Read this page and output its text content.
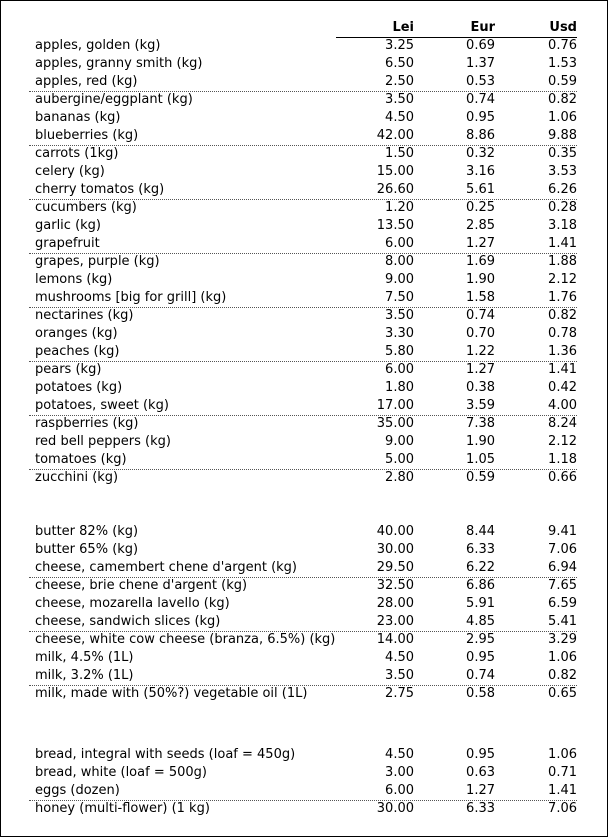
Lei	Eur	Usd
apples, golden (kg)	3.25	0.69	0.76
apples, granny smith (kg)	6.50	1.37	1.53
apples, red (kg)	2.50	0.53	0.59
aubergine/eggplant (kg)	3.50	0.74	0.82
bananas (kg)	4.50	0.95	1.06
blueberries (kg)	42.00	8.86	9.88
carrots (1kg)	1.50	0.32	0.35
celery (kg)	15.00	3.16	3.53
cherry tomatos (kg)	26.60	5.61	6.26
cucumbers (kg)	1.20	0.25	0.28
garlic (kg)	13.50	2.85	3.18
grapefruit	6.00	1.27	1.41
grapes, purple (kg)	8.00	1.69	1.88
lemons (kg)	9.00	1.90	2.12
mushrooms [big for grill] (kg)	7.50	1.58	1.76
nectarines (kg)	3.50	0.74	0.82
oranges (kg)	3.30	0.70	0.78
peaches (kg)	5.80	1.22	1.36
pears (kg)	6.00	1.27	1.41
potatoes (kg)	1.80	0.38	0.42
potatoes, sweet (kg)	17.00	3.59	4.00
raspberries (kg)	35.00	7.38	8.24
red bell peppers (kg)	9.00	1.90	2.12
tomatoes (kg)	5.00	1.05	1.18
zucchini (kg)	2.80	0.59	0.66
butter 82% (kg)	40.00	8.44	9.41
butter 65% (kg)	30.00	6.33	7.06
cheese, camembert chene d'argent (kg)	29.50	6.22	6.94
cheese, brie chene d'argent (kg)	32.50	6.86	7.65
cheese, mozarella lavello (kg)	28.00	5.91	6.59
cheese, sandwich slices (kg)	23.00	4.85	5.41
cheese, white cow cheese (branza, 6.5%) (kg)	14.00	2.95	3.29
milk, 4.5% (1L)	4.50	0.95	1.06
milk, 3.2% (1L)	3.50	0.74	0.82
milk, made with (50%?) vegetable oil (1L)	2.75	0.58	0.65
bread, integral with seeds (loaf = 450g)	4.50	0.95	1.06
bread, white (loaf = 500g)	3.00	0.63	0.71
eggs (dozen)	6.00	1.27	1.41
honey (multi-flower) (1 kg)	30.00	6.33	7.06
